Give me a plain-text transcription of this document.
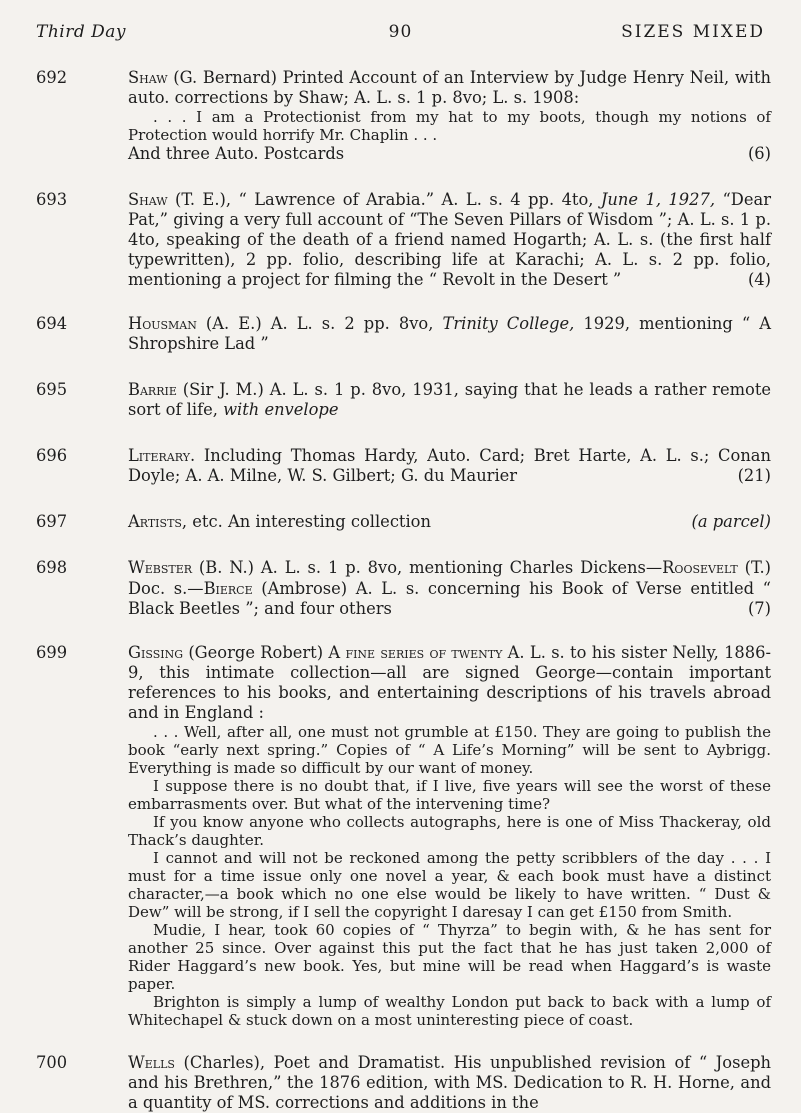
Third Day	90	SIZES MIXED
692	Shaw (G. Bernard) Printed Account of an Interview by Judge Henry Neil, with auto. corrections by Shaw; A. L. s. 1 p. 8vo; L. s. 1908:

. . . I am a Protectionist from my hat to my boots, though my notions of Protection would horrify Mr. Chaplin . . .

And three Auto. Postcards	(6)

693	Shaw (T. E.), “ Lawrence of Arabia.” A. L. s. 4 pp. 4to, June 1, 1927, “Dear Pat,” giving a very full account of “The Seven Pillars of Wisdom ”; A. L. s. 1 p. 4to, speaking of the death of a friend named Hogarth; A. L. s. (the first half typewritten), 2 pp. folio, describing life at Karachi; A. L. s. 2 pp. folio, mentioning a project for filming the “ Revolt in the Desert ”	(4)

694	Housman (A. E.) A. L. s. 2 pp. 8vo, Trinity College, 1929, mentioning “ A Shropshire Lad ”

695	Barrie (Sir J. M.) A. L. s. 1 p. 8vo, 1931, saying that he leads a rather remote sort of life, with envelope

696	Literary. Including Thomas Hardy, Auto. Card; Bret Harte, A. L. s.; Conan Doyle; A. A. Milne, W. S. Gilbert; G. du Maurier	(21)

697	Artists, etc. An interesting collection	(a parcel)

698	Webster (B. N.) A. L. s. 1 p. 8vo, mentioning Charles Dickens—Roosevelt (T.) Doc. s.—Bierce (Ambrose) A. L. s. concerning his Book of Verse entitled “ Black Beetles ”; and four others	(7)

699	Gissing (George Robert) A fine series of twenty A. L. s. to his sister Nelly, 1886-9, this intimate collection—all are signed George—contain important references to his books, and entertaining descriptions of his travels abroad and in England :

. . . Well, after all, one must not grumble at £150. They are going to publish the book “early next spring.” Copies of “ A Life’s Morning” will be sent to Aybrigg. Everything is made so difficult by our want of money.

I suppose there is no doubt that, if I live, five years will see the worst of these embarrasments over. But what of the intervening time?

If you know anyone who collects autographs, here is one of Miss Thackeray, old Thack’s daughter.

I cannot and will not be reckoned among the petty scribblers of the day . . . I must for a time issue only one novel a year, & each book must have a distinct character,—a book which no one else would be likely to have written. “ Dust & Dew” will be strong, if I sell the copyright I daresay I can get £150 from Smith.

Mudie, I hear, took 60 copies of “ Thyrza” to begin with, & he has sent for another 25 since. Over against this put the fact that he has just taken 2,000 of Rider Haggard’s new book. Yes, but mine will be read when Haggard’s is waste paper.

Brighton is simply a lump of wealthy London put back to back with a lump of Whitechapel & stuck down on a most uninteresting piece of coast.

700	Wells (Charles), Poet and Dramatist. His unpublished revision of “ Joseph and his Brethren,” the 1876 edition, with MS. Dedication to R. H. Horne, and a quantity of MS. corrections and additions in the
